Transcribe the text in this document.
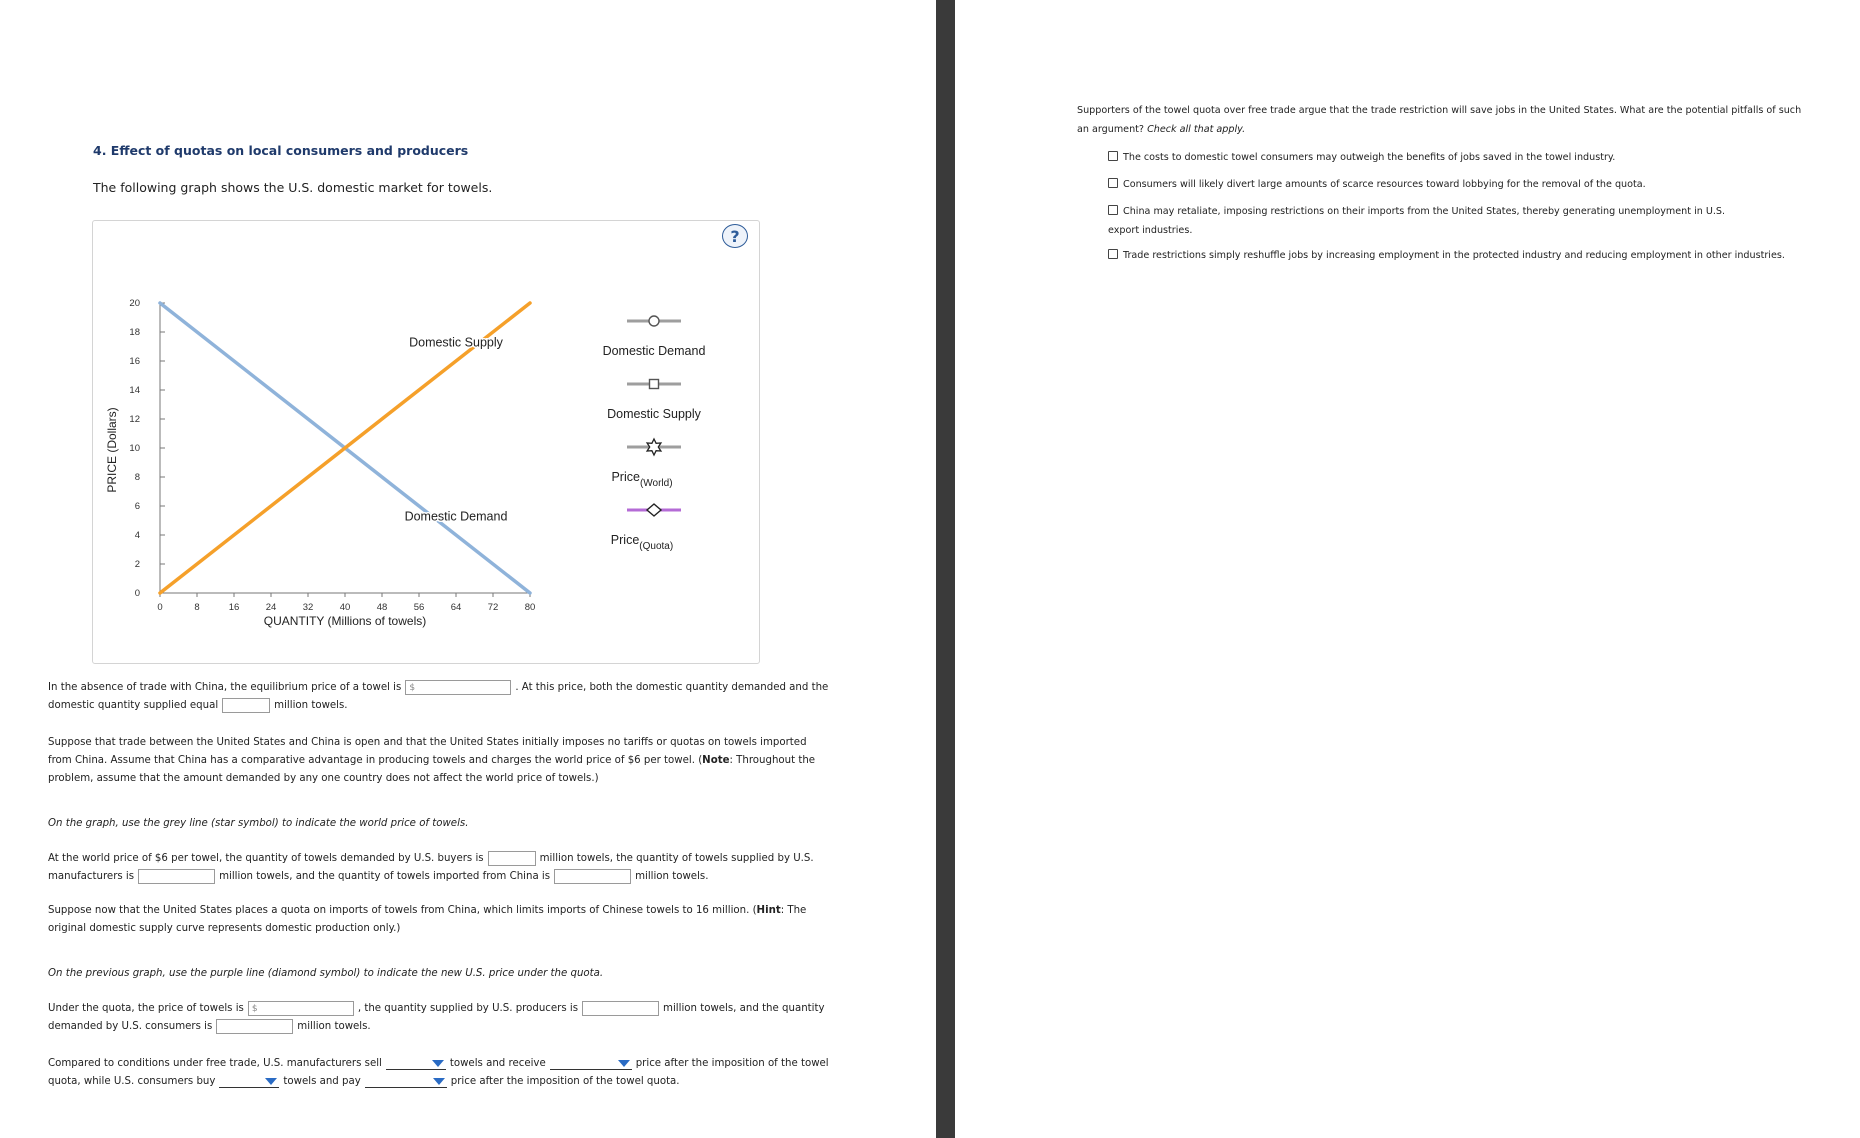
4. Effect of quotas on local consumers and producers
The following graph shows the U.S. domestic market for towels.
0	8	16	24	32	40	48	56	64	72	80
0
2
4
6
8
10
12
14
16
18
20
QUANTITY (Millions of towels)
PRICE (Dollars)
Domestic Demand
Domestic Supply
Domestic Demand
Domestic Supply
Price$_{(World)}$
Price$_{(Quota)}$
?
In the absence of trade with China, the equilibrium price of a towel is $	. At this price, both the domestic quantity demanded and the
domestic quantity supplied equal	million towels.
Suppose that trade between the United States and China is open and that the United States initially imposes no tariffs or quotas on towels imported
from China. Assume that China has a comparative advantage in producing towels and charges the world price of $6 per towel. (Note: Throughout the
problem, assume that the amount demanded by any one country does not affect the world price of towels.)
On the graph, use the grey line (star symbol) to indicate the world price of towels.
At the world price of $6 per towel, the quantity of towels demanded by U.S. buyers is	million towels, the quantity of towels supplied by U.S.
manufacturers is	million towels, and the quantity of towels imported from China is	million towels.
Suppose now that the United States places a quota on imports of towels from China, which limits imports of Chinese towels to 16 million. (Hint: The
original domestic supply curve represents domestic production only.)
On the previous graph, use the purple line (diamond symbol) to indicate the new U.S. price under the quota.
Under the quota, the price of towels is $	, the quantity supplied by U.S. producers is	million towels, and the quantity
demanded by U.S. consumers is	million towels.
Compared to conditions under free trade, U.S. manufacturers sell	towels and receive	price after the imposition of the towel
quota, while U.S. consumers buy	towels and pay	price after the imposition of the towel quota.
Supporters of the towel quota over free trade argue that the trade restriction will save jobs in the United States. What are the potential pitfalls of such an argument? Check all that apply.
The costs to domestic towel consumers may outweigh the benefits of jobs saved in the towel industry.
Consumers will likely divert large amounts of scarce resources toward lobbying for the removal of the quota.
China may retaliate, imposing restrictions on their imports from the United States, thereby generating unemployment in U.S. export industries.
Trade restrictions simply reshuffle jobs by increasing employment in the protected industry and reducing employment in other industries.
